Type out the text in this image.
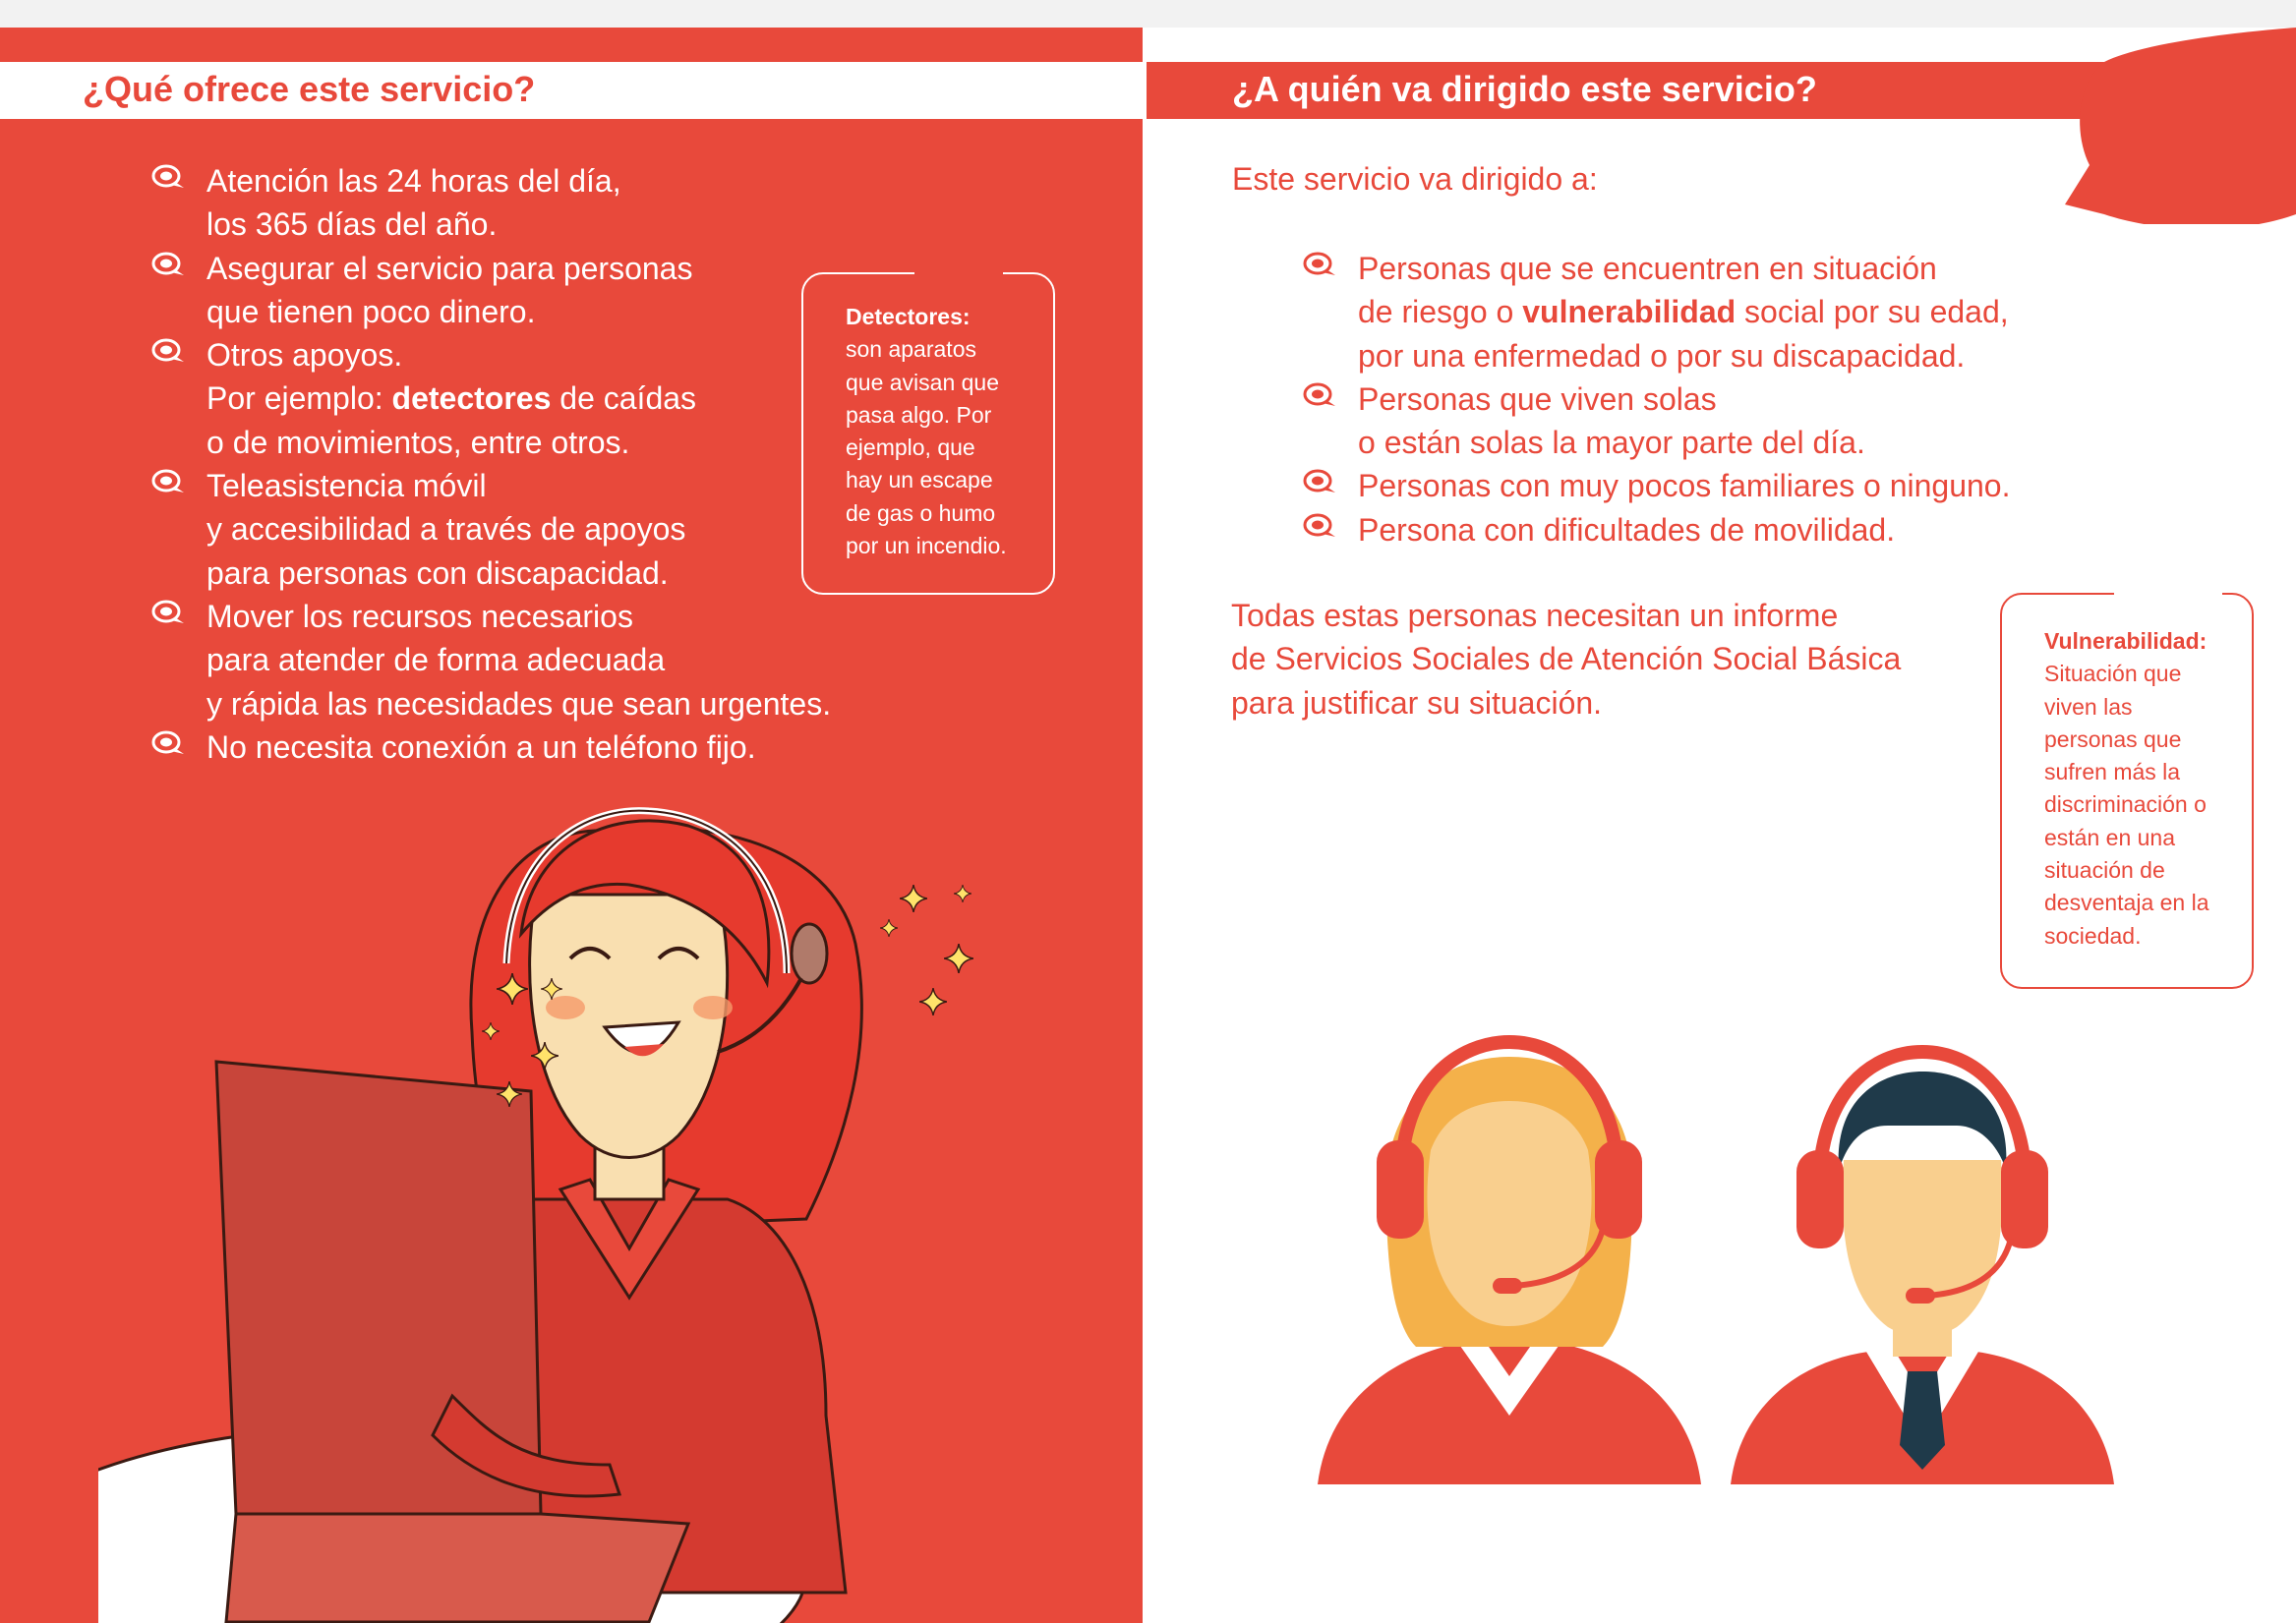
¿Qué ofrece este servicio?
Atención las 24 horas del día,
los 365 días del año.
Asegurar el servicio para personas
que tienen poco dinero.
Otros apoyos.
Por ejemplo: detectores de caídas
o de movimientos, entre otros.
Teleasistencia móvil
y accesibilidad a través de apoyos
para personas con discapacidad.
Mover los recursos necesarios
para atender de forma adecuada
y rápida las necesidades que sean urgentes.
No necesita conexión a un teléfono fijo.
Detectores:
son aparatos
que avisan que
pasa algo. Por
ejemplo, que
hay un escape
de gas o humo
por un incendio.
¿A quién va dirigido este servicio?
Este servicio va dirigido a:
Personas que se encuentren en situación
de riesgo o vulnerabilidad social por su edad,
por una enfermedad o por su discapacidad.
Personas que viven solas
o están solas la mayor parte del día.
Personas con muy pocos familiares o ninguno.
Persona con dificultades de movilidad.
Todas estas personas necesitan un informe
de Servicios Sociales de Atención Social Básica
para justificar su situación.
Vulnerabilidad:
Situación que
viven las
personas que
sufren más la
discriminación o
están en una
situación de
desventaja en la
sociedad.
